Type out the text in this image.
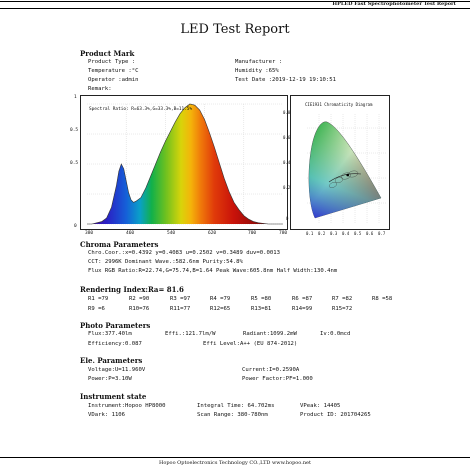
HPLED Fast Spectrophotometer Test Report
LED Test Report
Product Mark
Product Type :	Manufacturer :
Temperature :°C	Humidity :65%
Operator :admin	Test Date :2019-12-19 19:10:51
Remark:
Spectral Ratio: R=63.3%,G=33.3%,B=11.5%
1
0.5
0.5
0
380	460	540	620	700	780
CIE1931 Chromaticity Diagram
0.8
0.6
0.4
0.2
0
0.1 0.2 0.3 0.4 0.5 0.6 0.7
Chroma Parameters
Chro.Coor.:x=0.4392 y=0.4083 u=0.2502 v=0.3489 duv=0.0013
CCT: 2996K Dominant Wave.:582.6nm Purity:54.8%
Flux RGB Ratio:R=22.74,G=75.74,B=1.64 Peak Wave:605.8nm Half Width:130.4nm
Rendering Index:Ra= 81.6
R1 =79	R2 =90	R3 =97	R4 =79	R5 =80	R6 =87	R7 =82	R8 =58
R9 =6	R10=76	R11=77	R12=65	R13=81	R14=99	R15=72
Photo Parameters
Flux:377.40lm	Effi.:121.7lm/W	Radiant:1099.2mW	Iv:0.0mcd
Efficiency:0.087	Effi Level:A++ (EU 874-2012)
Ele. Parameters
Voltage:U=11.960V	Current:I=0.2590A
Power:P=3.10W	Power Factor:PF=1.000
Instrument state
Instrument:Hopoo HP8000	Integral Time: 64.702ms	VPeak: 14405
VDark: 1106	Scan Range: 380-780nm	Product ID: 201704265
Hopoo Optoelectronics Technology CO.,LTD www.hopoo.net
